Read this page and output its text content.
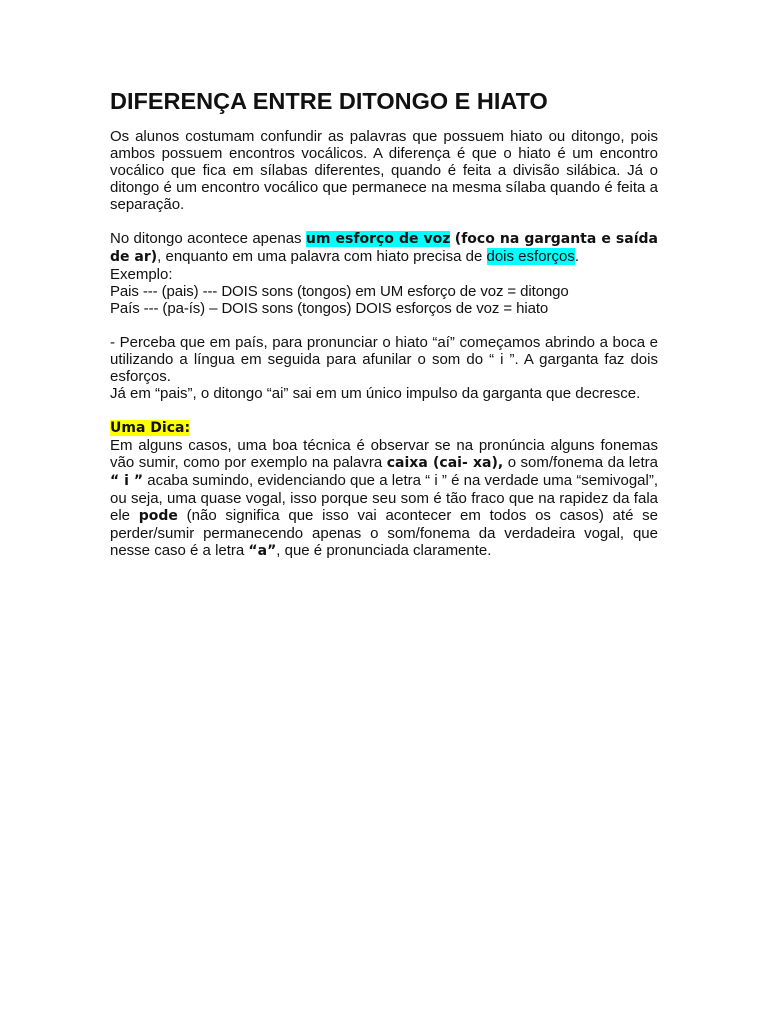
DIFERENÇA ENTRE DITONGO E HIATO

Os alunos costumam confundir as palavras que possuem hiato ou ditongo, pois ambos possuem encontros vocálicos. A diferença é que o hiato é um encontro vocálico que fica em sílabas diferentes, quando é feita a divisão silábica. Já o ditongo é um encontro vocálico que permanece na mesma sílaba quando é feita a separação.

No ditongo acontece apenas um esforço de voz (foco na garganta e saída de ar), enquanto em uma palavra com hiato precisa de dois esforços.

Exemplo:

Pais --- (pais) --- DOIS sons (tongos) em UM esforço de voz = ditongo

País --- (pa-ís) – DOIS sons (tongos) DOIS esforços de voz = hiato

- Perceba que em país, para pronunciar o hiato “aí” começamos abrindo a boca e utilizando a língua em seguida para afunilar o som do “ i ”. A garganta faz dois esforços.

Já em “pais”, o ditongo “ai” sai em um único impulso da garganta que decresce.

Uma Dica:

Em alguns casos, uma boa técnica é observar se na pronúncia alguns fonemas vão sumir, como por exemplo na palavra caixa (cai- xa), o som/fonema da letra “ i ” acaba sumindo, evidenciando que a letra “ i ” é na verdade uma “semivogal”, ou seja, uma quase vogal, isso porque seu som é tão fraco que na rapidez da fala ele pode (não significa que isso vai acontecer em todos os casos) até se perder/sumir permanecendo apenas o som/fonema da verdadeira vogal, que nesse caso é a letra “a”, que é pronunciada claramente.
